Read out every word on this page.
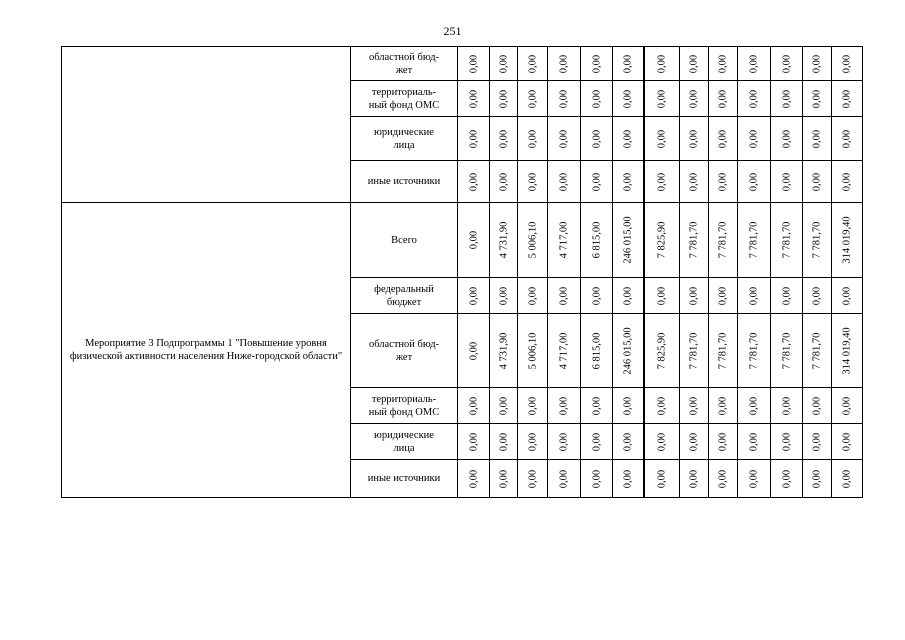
251
	областной бюд-
жет	0,00	0,00	0,00	0,00	0,00	0,00	0,00	0,00	0,00	0,00	0,00	0,00	0,00

	территориаль-
ный фонд ОМС	0,00	0,00	0,00	0,00	0,00	0,00	0,00	0,00	0,00	0,00	0,00	0,00	0,00

	юридические
лица	0,00	0,00	0,00	0,00	0,00	0,00	0,00	0,00	0,00	0,00	0,00	0,00	0,00

	иные источники	0,00	0,00	0,00	0,00	0,00	0,00	0,00	0,00	0,00	0,00	0,00	0,00	0,00

Мероприятие 3 Подпрограммы 1 "Повышение уровня физической активности населения Ниже-городской области"	Всего	0,00	4 731,90	5 006,10	4 717,00	6 815,00	246 015,00	7 825,90	7 781,70	7 781,70	7 781,70	7 781,70	7 781,70	314 019,40

	федеральный
бюджет	0,00	0,00	0,00	0,00	0,00	0,00	0,00	0,00	0,00	0,00	0,00	0,00	0,00

	областной бюд-
жет	0,00	4 731,90	5 006,10	4 717,00	6 815,00	246 015,00	7 825,90	7 781,70	7 781,70	7 781,70	7 781,70	7 781,70	314 019,40

	территориаль-
ный фонд ОМС	0,00	0,00	0,00	0,00	0,00	0,00	0,00	0,00	0,00	0,00	0,00	0,00	0,00

	юридические
лица	0,00	0,00	0,00	0,00	0,00	0,00	0,00	0,00	0,00	0,00	0,00	0,00	0,00

	иные источники	0,00	0,00	0,00	0,00	0,00	0,00	0,00	0,00	0,00	0,00	0,00	0,00	0,00
